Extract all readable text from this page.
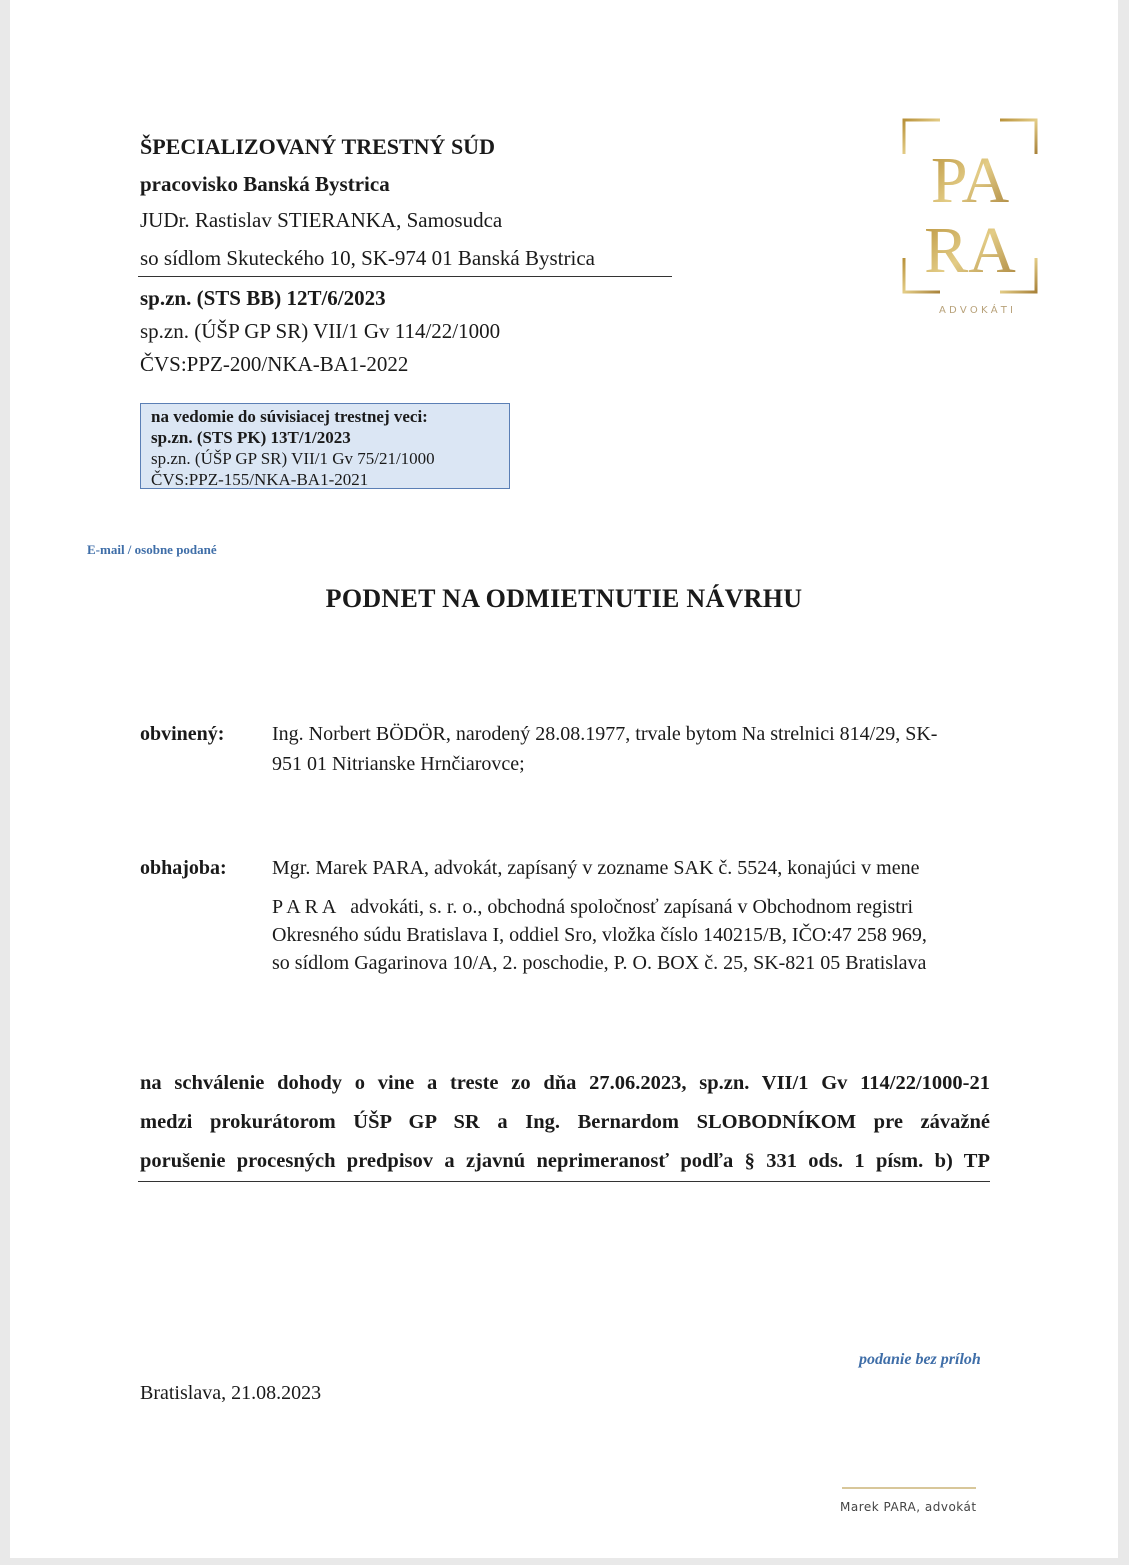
ŠPECIALIZOVANÝ TRESTNÝ SÚD
pracovisko Banská Bystrica
JUDr. Rastislav STIERANKA, Samosudca
so sídlom Skuteckého 10, SK-974 01 Banská Bystrica
sp.zn. (STS BB) 12T/6/2023
sp.zn. (ÚŠP GP SR) VII/1 Gv 114/22/1000
ČVS:PPZ-200/NKA-BA1-2022
na vedomie do súvisiacej trestnej veci:
sp.zn. (STS PK) 13T/1/2023
sp.zn. (ÚŠP GP SR) VII/1 Gv 75/21/1000
ČVS:PPZ-155/NKA-BA1-2021
PA
RA
A D V O K Á T I
E-mail / osobne podané
PODNET NA ODMIETNUTIE NÁVRHU
obvinený: Ing. Norbert BÖDÖR, narodený 28.08.1977, trvale bytom Na strelnici 814/29, SK-
951 01 Nitrianske Hrnčiarovce;
obhajoba: Mgr. Marek PARA, advokát, zapísaný v zozname SAK č. 5524, konajúci v mene
P A R A   advokáti, s. r. o., obchodná spoločnosť zapísaná v Obchodnom registri
Okresného súdu Bratislava I, oddiel Sro, vložka číslo 140215/B, IČO:47 258 969,
so sídlom Gagarinova 10/A, 2. poschodie, P. O. BOX č. 25, SK-821 05 Bratislava
na schválenie dohody o vine a treste zo dňa 27.06.2023, sp.zn. VII/1 Gv 114/22/1000-21
medzi prokurátorom ÚŠP GP SR a Ing. Bernardom SLOBODNÍKOM pre závažné
porušenie procesných predpisov a zjavnú neprimeranosť podľa § 331 ods. 1 písm. b) TP
podanie bez príloh
Bratislava, 21.08.2023
Marek PARA, advokát
